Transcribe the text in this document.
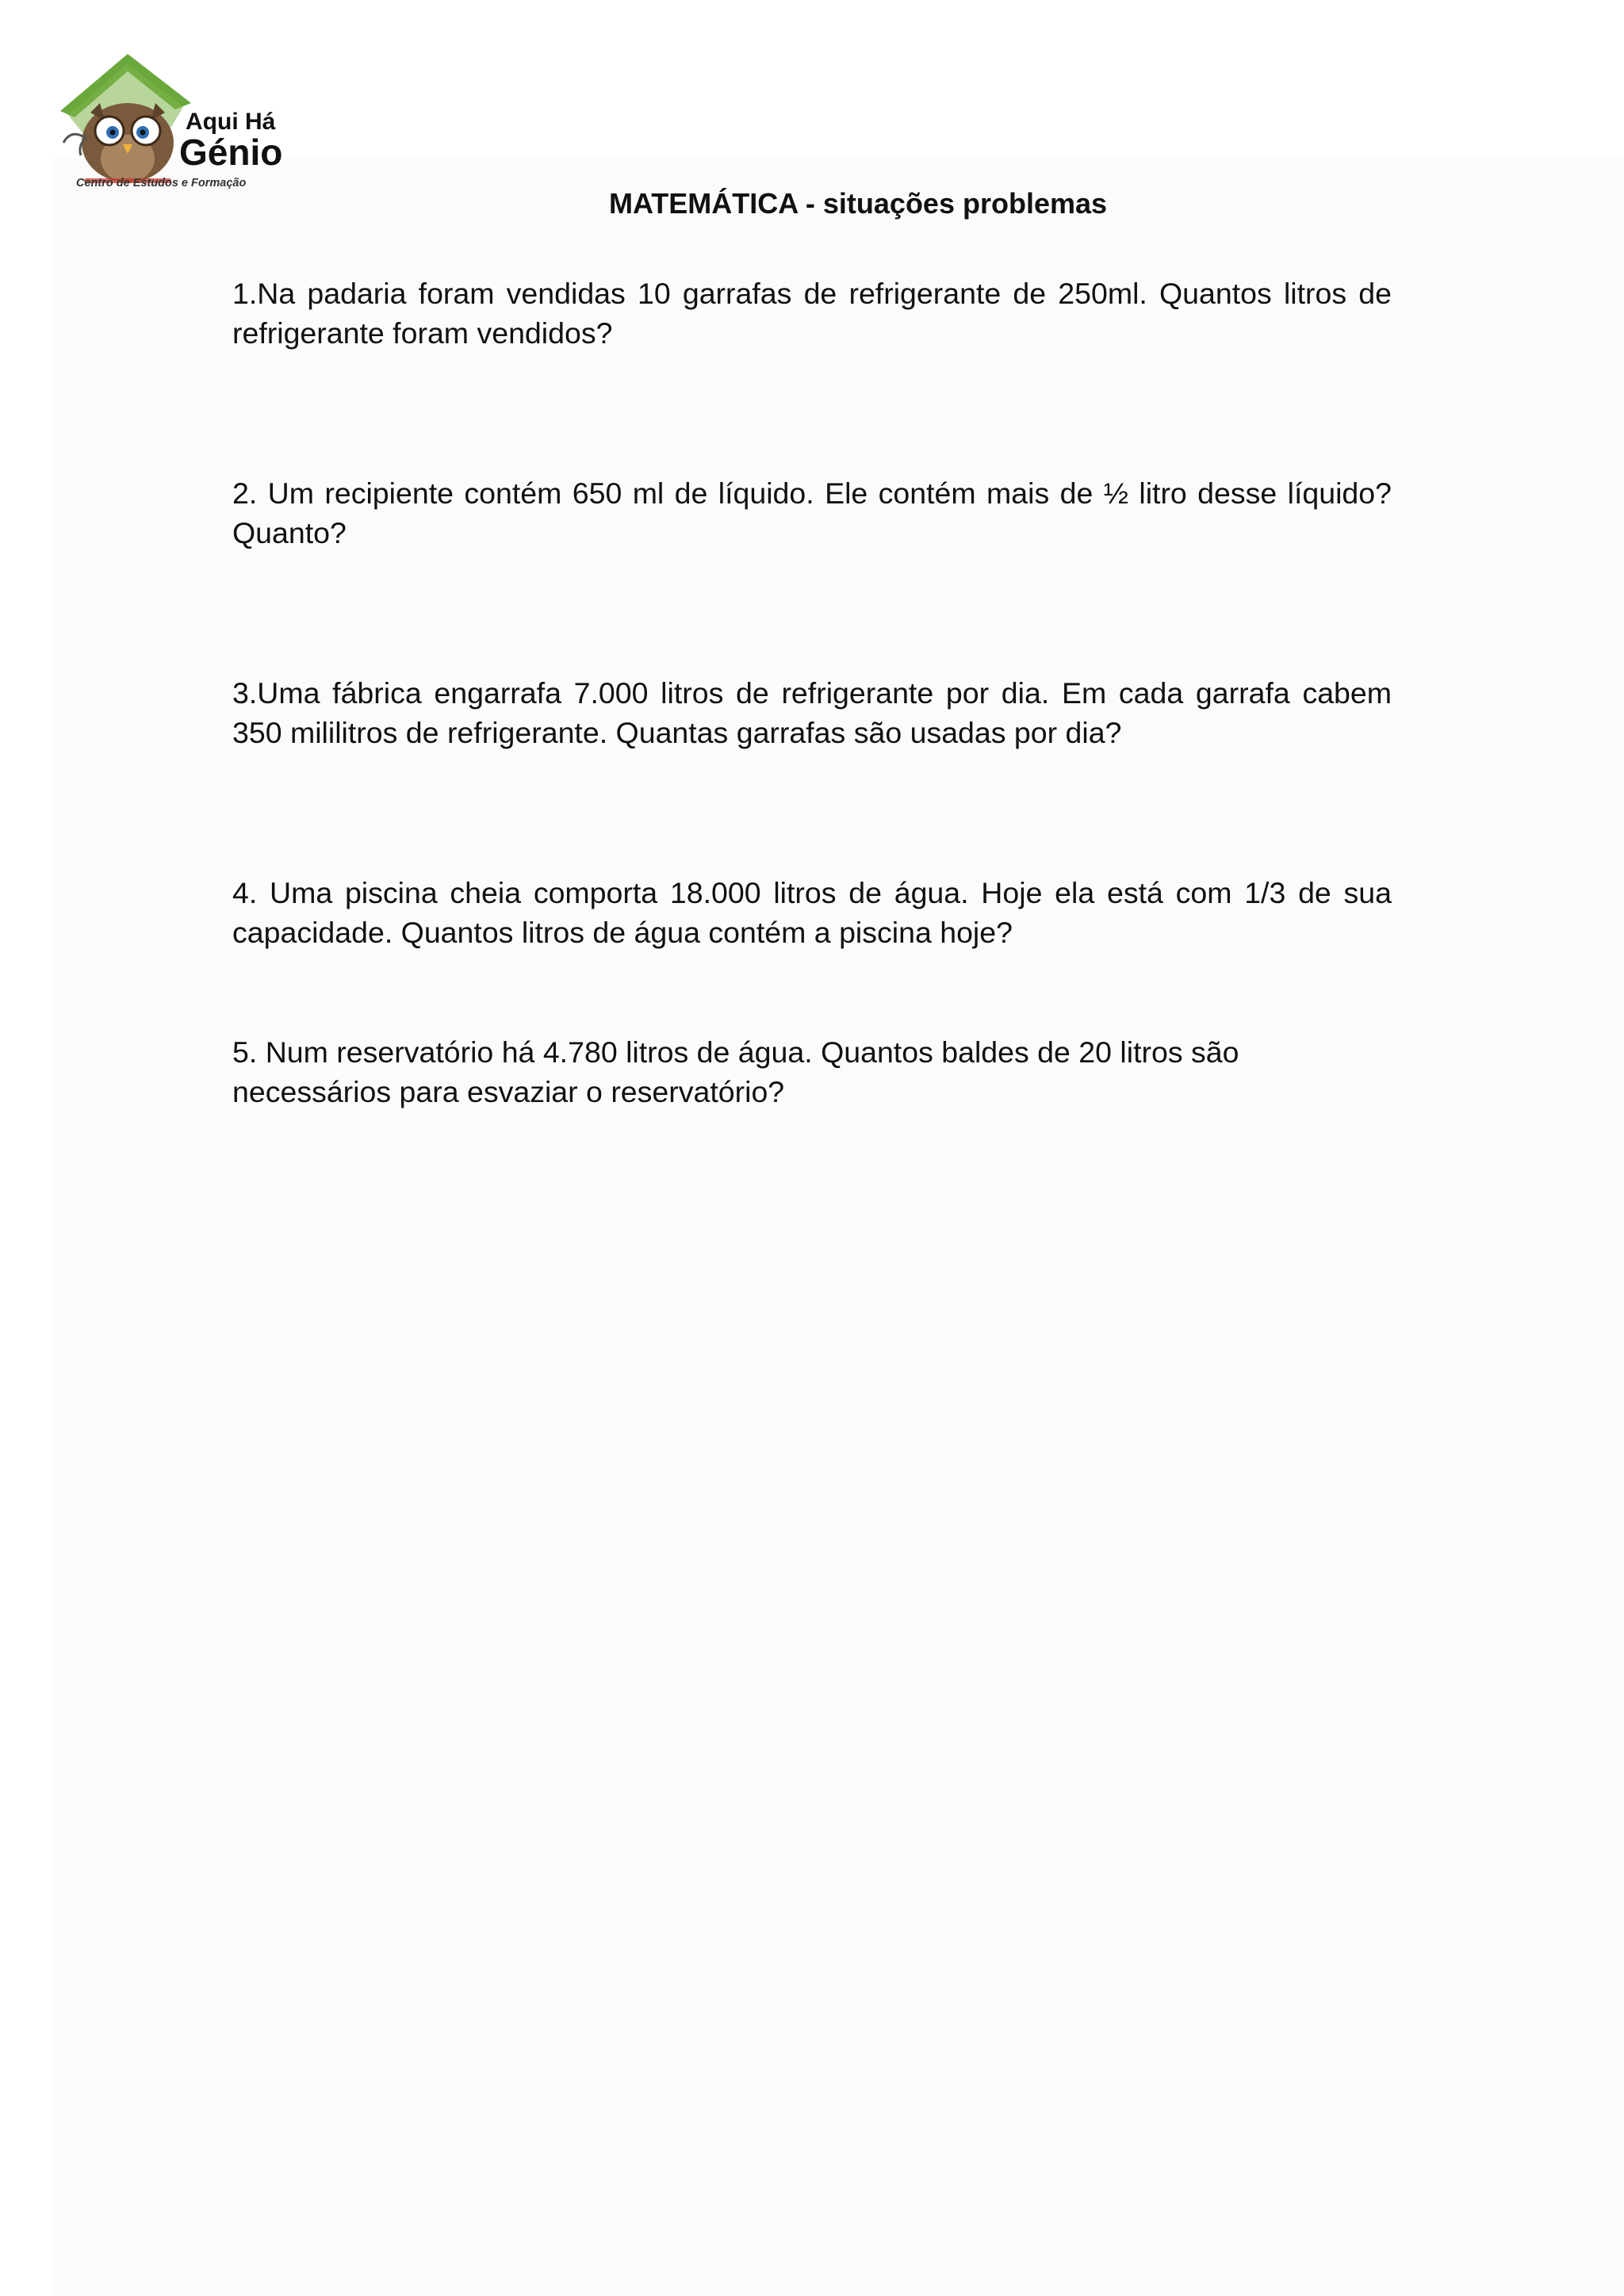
Aqui Há
Génio
Centro de Estudos e Formação
MATEMÁTICA - situações problemas

1.Na padaria foram vendidas 10 garrafas de refrigerante de 250ml. Quantos litros de refrigerante foram vendidos?

2. Um recipiente contém 650 ml de líquido. Ele contém mais de ½ litro desse líquido? Quanto?

3.Uma fábrica engarrafa 7.000 litros de refrigerante por dia. Em cada garrafa cabem 350 mililitros de refrigerante. Quantas garrafas são usadas por dia?

4. Uma piscina cheia comporta 18.000 litros de água. Hoje ela está com 1/3 de sua capacidade. Quantos litros de água contém a piscina hoje?

5. Num reservatório há 4.780 litros de água. Quantos baldes de 20 litros são necessários para esvaziar o reservatório?
